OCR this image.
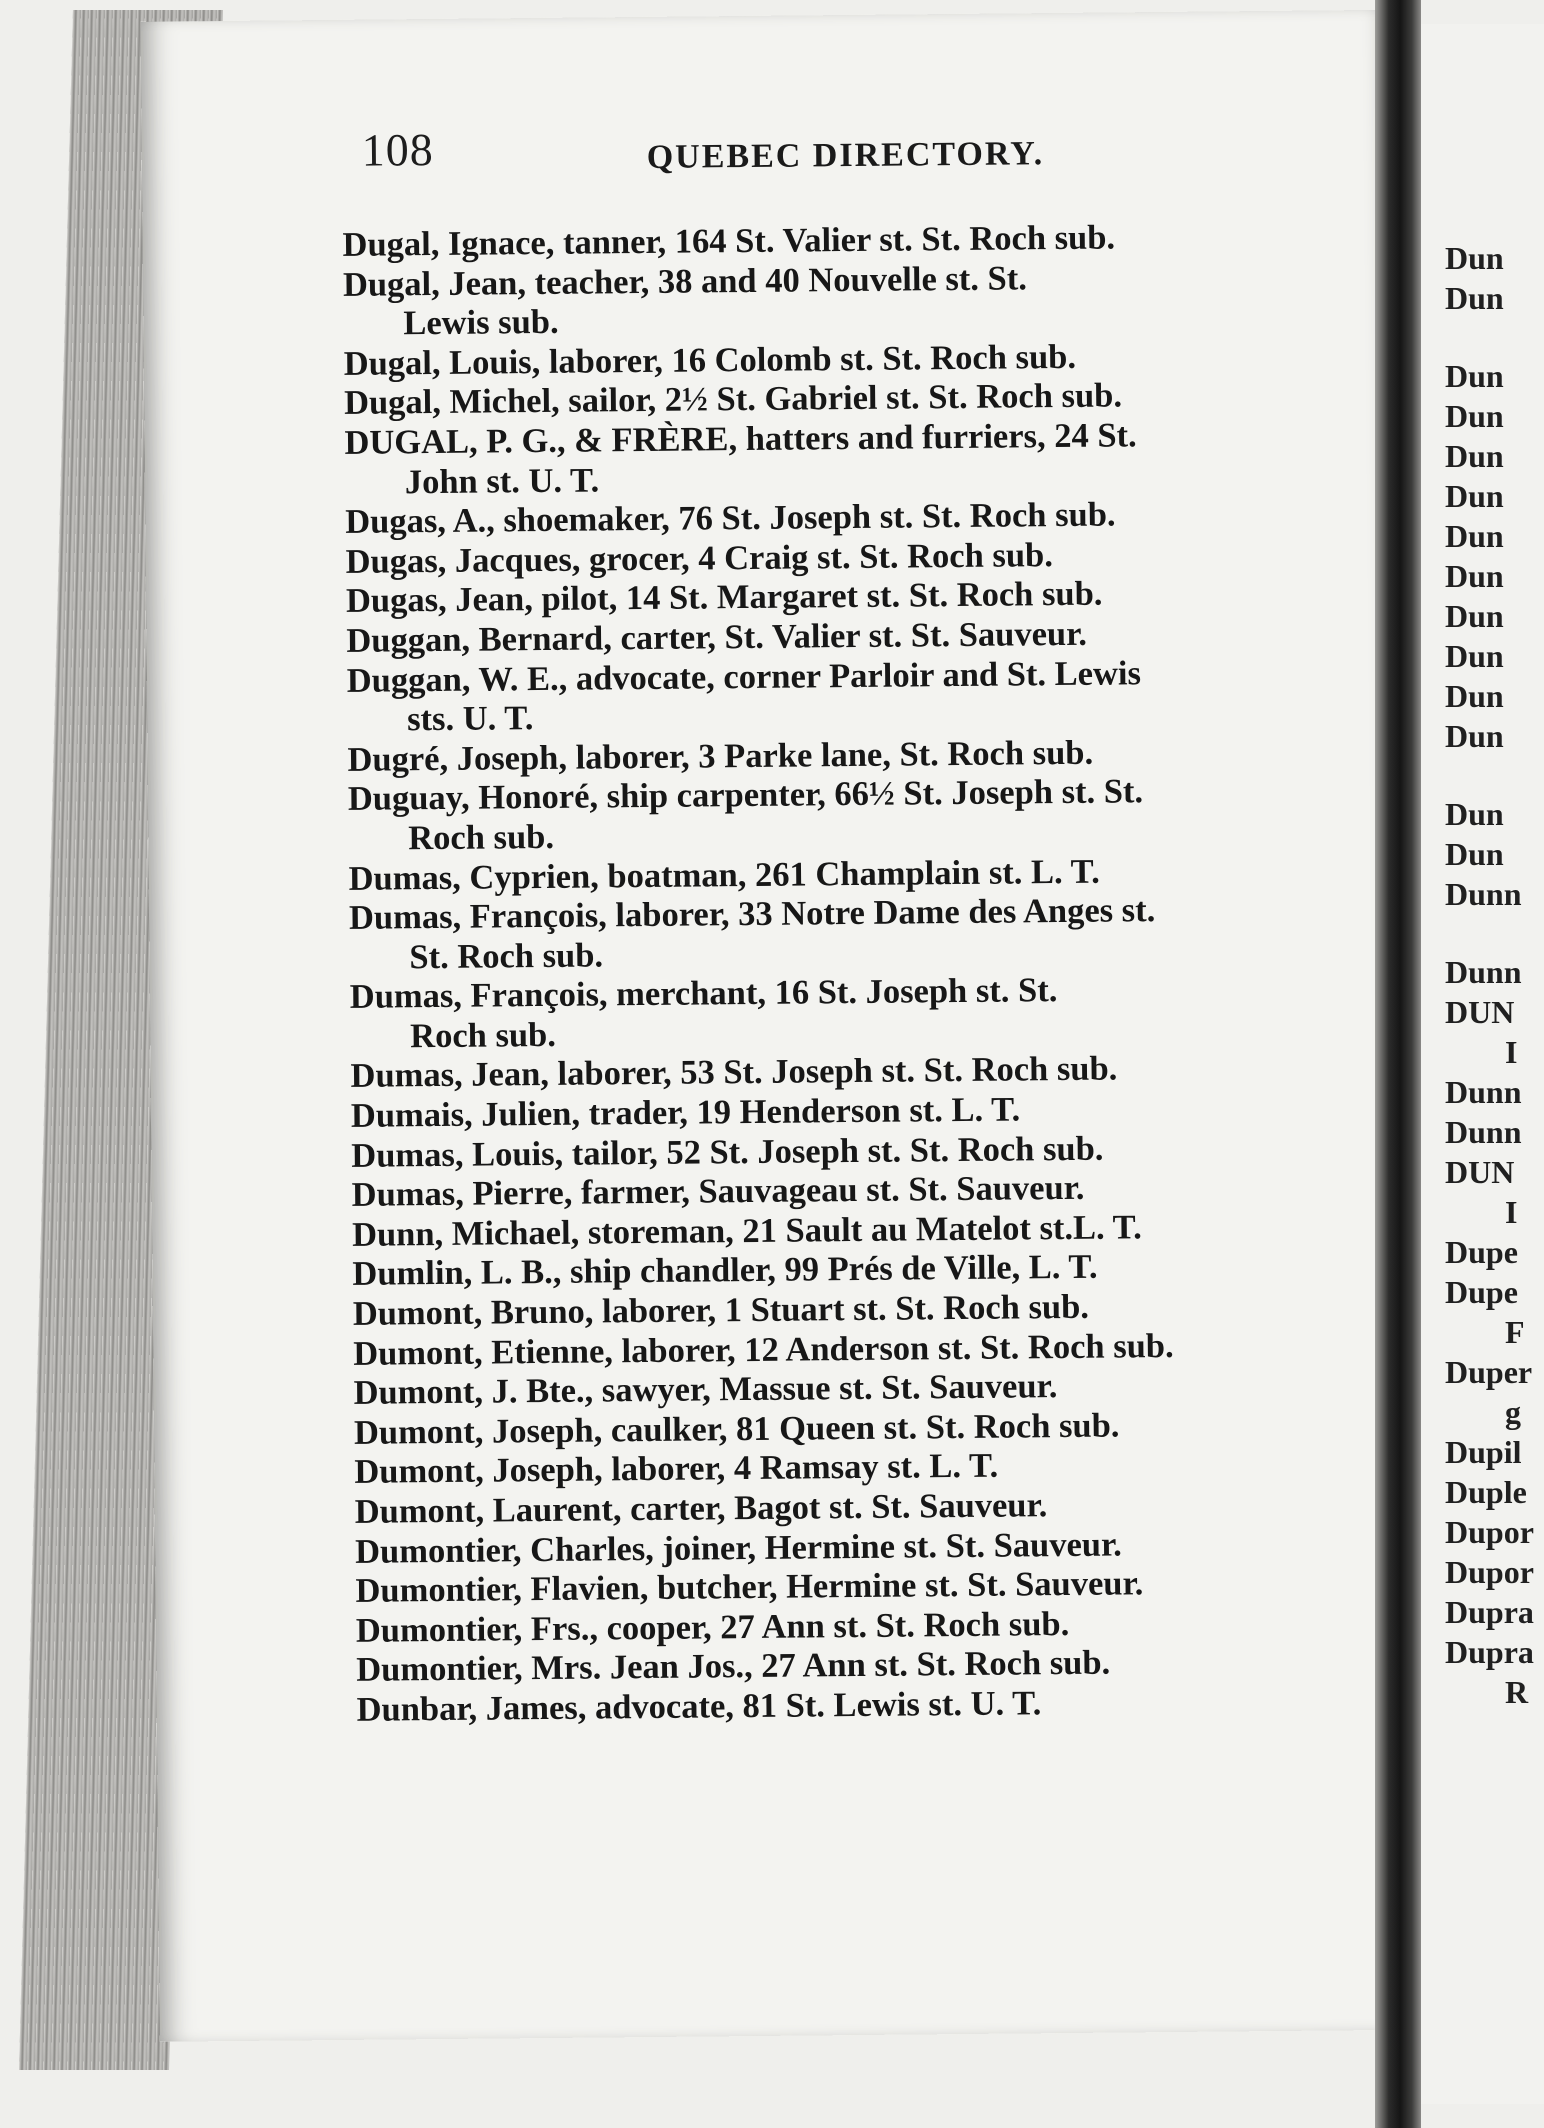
108	QUEBEC DIRECTORY.
Dugal, Ignace, tanner, 164 St. Valier st. St. Roch sub.
Dugal, Jean, teacher, 38 and 40 Nouvelle st. St.
Lewis sub.
Dugal, Louis, laborer, 16 Colomb st. St. Roch sub.
Dugal, Michel, sailor, 2½ St. Gabriel st. St. Roch sub.
DUGAL, P. G., & FRÈRE, hatters and furriers, 24 St.
John st. U. T.
Dugas, A., shoemaker, 76 St. Joseph st. St. Roch sub.
Dugas, Jacques, grocer, 4 Craig st. St. Roch sub.
Dugas, Jean, pilot, 14 St. Margaret st. St. Roch sub.
Duggan, Bernard, carter, St. Valier st. St. Sauveur.
Duggan, W. E., advocate, corner Parloir and St. Lewis
sts. U. T.
Dugré, Joseph, laborer, 3 Parke lane, St. Roch sub.
Duguay, Honoré, ship carpenter, 66½ St. Joseph st. St.
Roch sub.
Dumas, Cyprien, boatman, 261 Champlain st. L. T.
Dumas, François, laborer, 33 Notre Dame des Anges st.
St. Roch sub.
Dumas, François, merchant, 16 St. Joseph st. St.
Roch sub.
Dumas, Jean, laborer, 53 St. Joseph st. St. Roch sub.
Dumais, Julien, trader, 19 Henderson st. L. T.
Dumas, Louis, tailor, 52 St. Joseph st. St. Roch sub.
Dumas, Pierre, farmer, Sauvageau st. St. Sauveur.
Dunn, Michael, storeman, 21 Sault au Matelot st.L. T.
Dumlin, L. B., ship chandler, 99 Prés de Ville, L. T.
Dumont, Bruno, laborer, 1 Stuart st. St. Roch sub.
Dumont, Etienne, laborer, 12 Anderson st. St. Roch sub.
Dumont, J. Bte., sawyer, Massue st. St. Sauveur.
Dumont, Joseph, caulker, 81 Queen st. St. Roch sub.
Dumont, Joseph, laborer, 4 Ramsay st. L. T.
Dumont, Laurent, carter, Bagot st. St. Sauveur.
Dumontier, Charles, joiner, Hermine st. St. Sauveur.
Dumontier, Flavien, butcher, Hermine st. St. Sauveur.
Dumontier, Frs., cooper, 27 Ann st. St. Roch sub.
Dumontier, Mrs. Jean Jos., 27 Ann st. St. Roch sub.
Dunbar, James, advocate, 81 St. Lewis st. U. T.
Dun
Dun
Dun
Dun
Dun
Dun
Dun
Dun
Dun
Dun
Dun
Dun
Dun
Dun
Dunn
Dunn
DUN
I
Dunn
Dunn
DUN
I
Dupe
Dupe
F
Duper
g
Dupil
Duple
Dupor
Dupor
Dupra
Dupra
R
